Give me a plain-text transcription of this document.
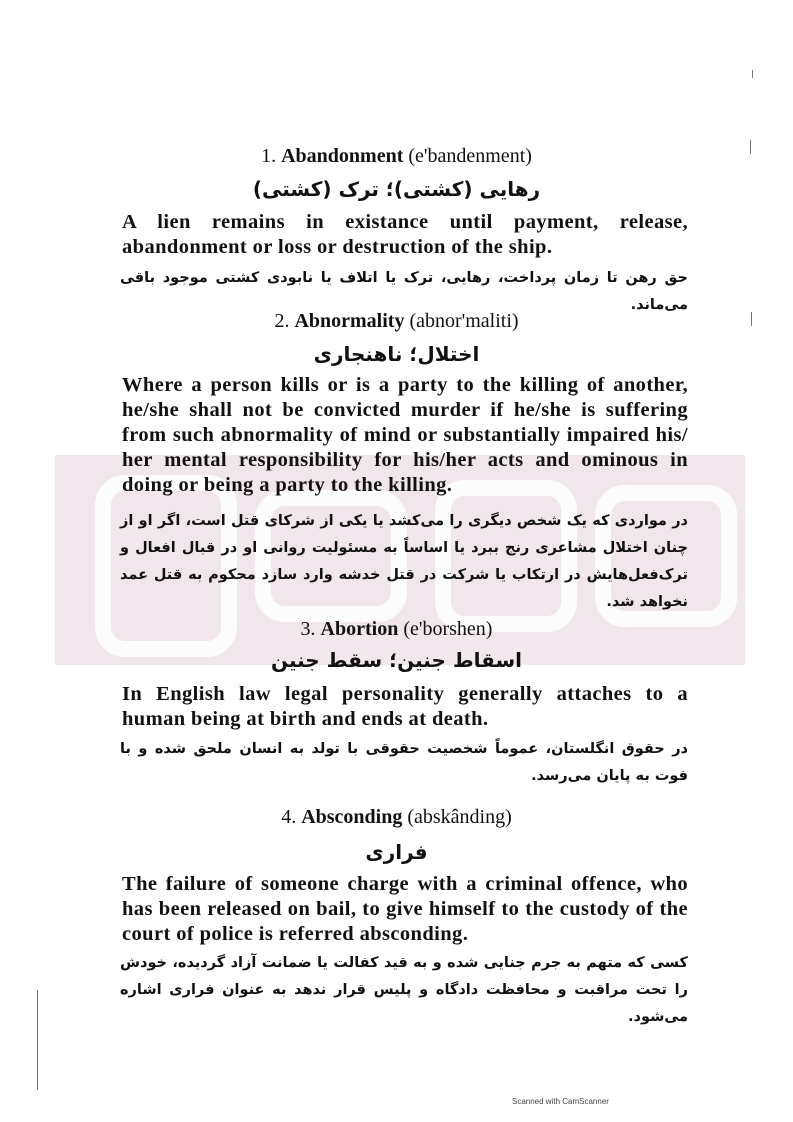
1. Abandonment (e'bandenment)
رهایی (کشتی)؛ ترک (کشتی)
A lien remains in existance until payment, release, abandonment or loss or destruction of the ship.
حق رهن تا زمان پرداخت، رهایی، ترک یا اتلاف یا نابودی کشتی موجود باقی می‌ماند.
2. Abnormality (abnor'maliti)
اختلال؛ ناهنجاری
Where a person kills or is a party to the killing of another, he/she shall not be convicted murder if he/she is suffering from such abnormality of mind or substantially impaired his/ her mental responsibility for his/her acts and ominous in doing or being a party to the killing.
در مواردی که یک شخص دیگری را می‌کشد یا یکی از شرکای قتل است، اگر او از چنان اختلال مشاعری رنج ببرد یا اساساً به مسئولیت روانی او در قبال افعال و ترک‌فعل‌هایش در ارتکاب یا شرکت در قتل خدشه وارد سازد محکوم به قتل عمد نخواهد شد.
3. Abortion (e'borshen)
اسقاط جنین؛ سقط جنین
In English law legal personality generally attaches to a human being at birth and ends at death.
در حقوق انگلستان، عموماً شخصیت حقوقی با تولد به انسان ملحق شده و با فوت به پایان می‌رسد.
4. Absconding (abskânding)
فراری
The failure of someone charge with a criminal offence, who has been released on bail, to give himself to the custody of the court of police is referred absconding.
کسی که متهم به جرم جنایی شده و به قید کفالت یا ضمانت آزاد گردیده، خودش را تحت مراقبت و محافظت دادگاه و پلیس قرار ندهد به عنوان فراری اشاره می‌شود.
Scanned with CamScanner
